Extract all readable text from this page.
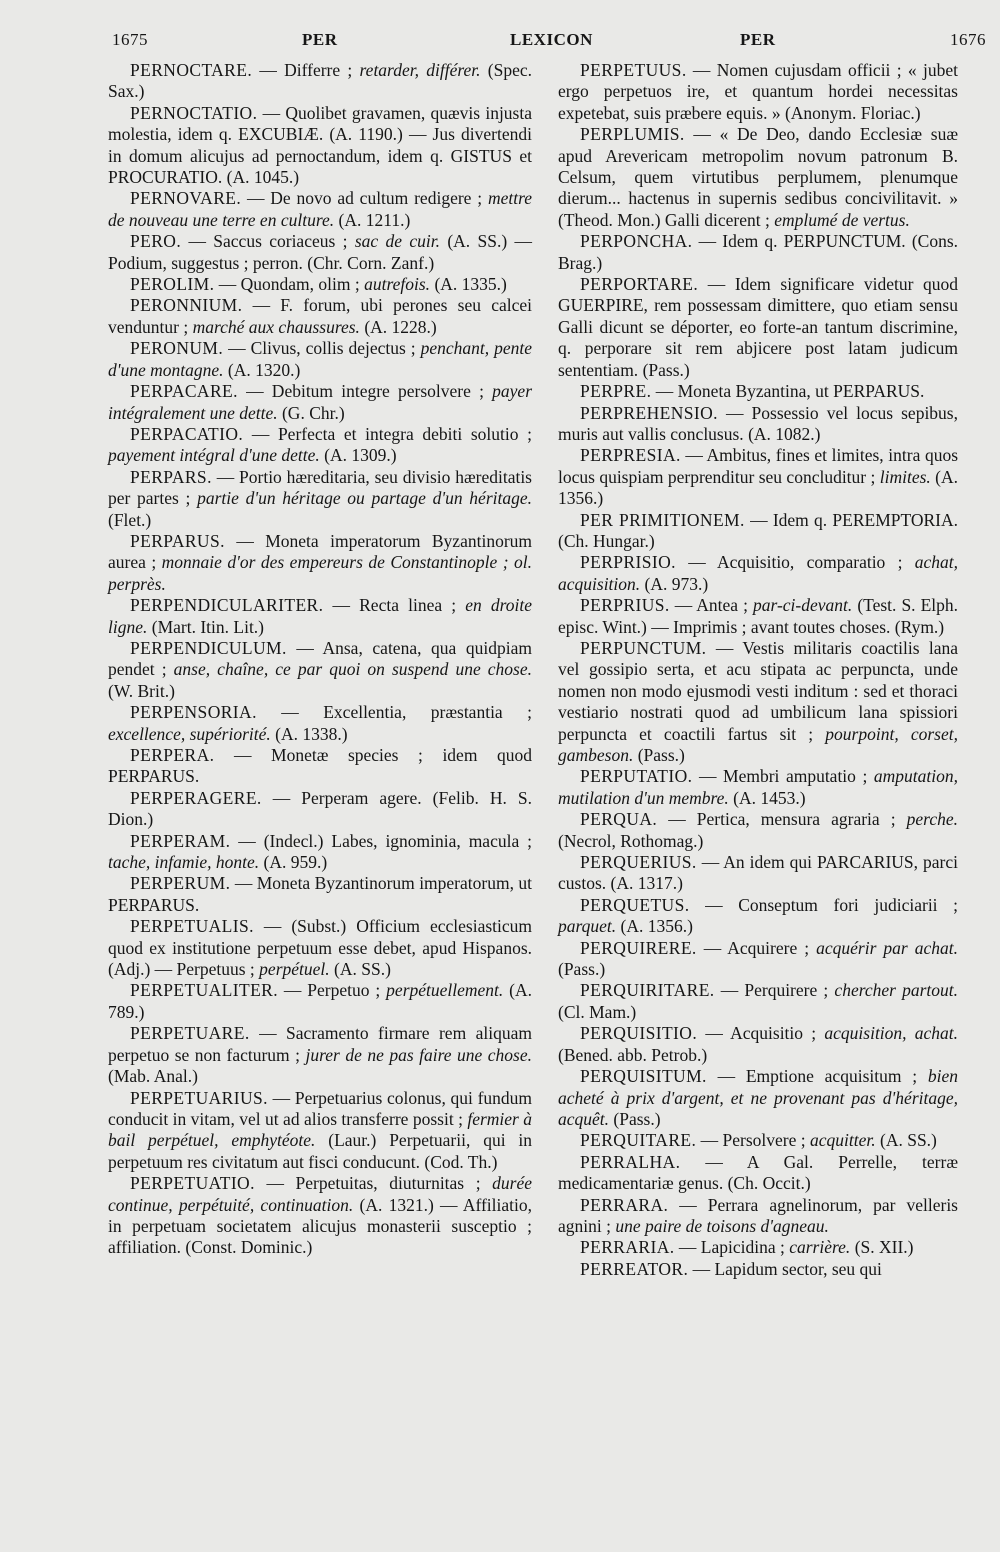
1675	PER	LEXICON	PER	1676

PERNOCTARE. — Differre ; retarder, différer. (Spec. Sax.)

PERNOCTATIO. — Quolibet gravamen, quævis injusta molestia, idem q. EXCUBIÆ. (A. 1190.) — Jus divertendi in domum alicujus ad pernoctandum, idem q. GISTUS et PROCURATIO. (A. 1045.)

PERNOVARE. — De novo ad cultum redigere ; mettre de nouveau une terre en culture. (A. 1211.)

PERO. — Saccus coriaceus ; sac de cuir. (A. SS.) — Podium, suggestus ; perron. (Chr. Corn. Zanf.)

PEROLIM. — Quondam, olim ; autrefois. (A. 1335.)

PERONNIUM. — F. forum, ubi perones seu calcei venduntur ; marché aux chaussures. (A. 1228.)

PERONUM. — Clivus, collis dejectus ; penchant, pente d'une montagne. (A. 1320.)

PERPACARE. — Debitum integre persolvere ; payer intégralement une dette. (G. Chr.)

PERPACATIO. — Perfecta et integra debiti solutio ; payement intégral d'une dette. (A. 1309.)

PERPARS. — Portio hæreditaria, seu divisio hæreditatis per partes ; partie d'un héritage ou partage d'un héritage. (Flet.)

PERPARUS. — Moneta imperatorum Byzantinorum aurea ; monnaie d'or des empereurs de Constantinople ; ol. perprès.

PERPENDICULARITER. — Recta linea ; en droite ligne. (Mart. Itin. Lit.)

PERPENDICULUM. — Ansa, catena, qua quidpiam pendet ; anse, chaîne, ce par quoi on suspend une chose. (W. Brit.)

PERPENSORIA. — Excellentia, præstantia ; excellence, supériorité. (A. 1338.)

PERPERA. — Monetæ species ; idem quod PERPARUS.

PERPERAGERE. — Perperam agere. (Felib. H. S. Dion.)

PERPERAM. — (Indecl.) Labes, ignominia, macula ; tache, infamie, honte. (A. 959.)

PERPERUM. — Moneta Byzantinorum imperatorum, ut PERPARUS.

PERPETUALIS. — (Subst.) Officium ecclesiasticum quod ex institutione perpetuum esse debet, apud Hispanos. (Adj.) — Perpetuus ; perpétuel. (A. SS.)

PERPETUALITER. — Perpetuo ; perpétuellement. (A. 789.)

PERPETUARE. — Sacramento firmare rem aliquam perpetuo se non facturum ; jurer de ne pas faire une chose. (Mab. Anal.)

PERPETUARIUS. — Perpetuarius colonus, qui fundum conducit in vitam, vel ut ad alios transferre possit ; fermier à bail perpétuel, emphytéote. (Laur.) Perpetuarii, qui in perpetuum res civitatum aut fisci conducunt. (Cod. Th.)

PERPETUATIO. — Perpetuitas, diuturnitas ; durée continue, perpétuité, continuation. (A. 1321.) — Affiliatio, in perpetuam societatem alicujus monasterii susceptio ; affiliation. (Const. Dominic.)

PERPETUUS. — Nomen cujusdam officii ; « jubet ergo perpetuos ire, et quantum hordei necessitas expetebat, suis præbere equis. » (Anonym. Floriac.)

PERPLUMIS. — « De Deo, dando Ecclesiæ suæ apud Arevericam metropolim novum patronum B. Celsum, quem virtutibus perplumem, plenumque dierum... hactenus in supernis sedibus concivilitavit. » (Theod. Mon.) Galli dicerent ; emplumé de vertus.

PERPONCHA. — Idem q. PERPUNCTUM. (Cons. Brag.)

PERPORTARE. — Idem significare videtur quod GUERPIRE, rem possessam dimittere, quo etiam sensu Galli dicunt se déporter, eo forte-an tantum discrimine, q. perporare sit rem abjicere post latam judicum sententiam. (Pass.)

PERPRE. — Moneta Byzantina, ut PERPARUS.

PERPREHENSIO. — Possessio vel locus sepibus, muris aut vallis conclusus. (A. 1082.)

PERPRESIA. — Ambitus, fines et limites, intra quos locus quispiam perprenditur seu concluditur ; limites. (A. 1356.)

PER PRIMITIONEM. — Idem q. PEREMPTORIA. (Ch. Hungar.)

PERPRISIO. — Acquisitio, comparatio ; achat, acquisition. (A. 973.)

PERPRIUS. — Antea ; par-ci-devant. (Test. S. Elph. episc. Wint.) — Imprimis ; avant toutes choses. (Rym.)

PERPUNCTUM. — Vestis militaris coactilis lana vel gossipio serta, et acu stipata ac perpuncta, unde nomen non modo ejusmodi vesti inditum : sed et thoraci vestiario nostrati quod ad umbilicum lana spissiori perpuncta et coactili fartus sit ; pourpoint, corset, gambeson. (Pass.)

PERPUTATIO. — Membri amputatio ; amputation, mutilation d'un membre. (A. 1453.)

PERQUA. — Pertica, mensura agraria ; perche. (Necrol, Rothomag.)

PERQUERIUS. — An idem qui PARCARIUS, parci custos. (A. 1317.)

PERQUETUS. — Conseptum fori judiciarii ; parquet. (A. 1356.)

PERQUIRERE. — Acquirere ; acquérir par achat. (Pass.)

PERQUIRITARE. — Perquirere ; chercher partout. (Cl. Mam.)

PERQUISITIO. — Acquisitio ; acquisition, achat. (Bened. abb. Petrob.)

PERQUISITUM. — Emptione acquisitum ; bien acheté à prix d'argent, et ne provenant pas d'héritage, acquêt. (Pass.)

PERQUITARE. — Persolvere ; acquitter. (A. SS.)

PERRALHA. — A Gal. Perrelle, terræ medicamentariæ genus. (Ch. Occit.)

PERRARA. — Perrara agnelinorum, par velleris agnini ; une paire de toisons d'agneau.

PERRARIA. — Lapicidina ; carrière. (S. XII.)

PERREATOR. — Lapidum sector, seu qui
